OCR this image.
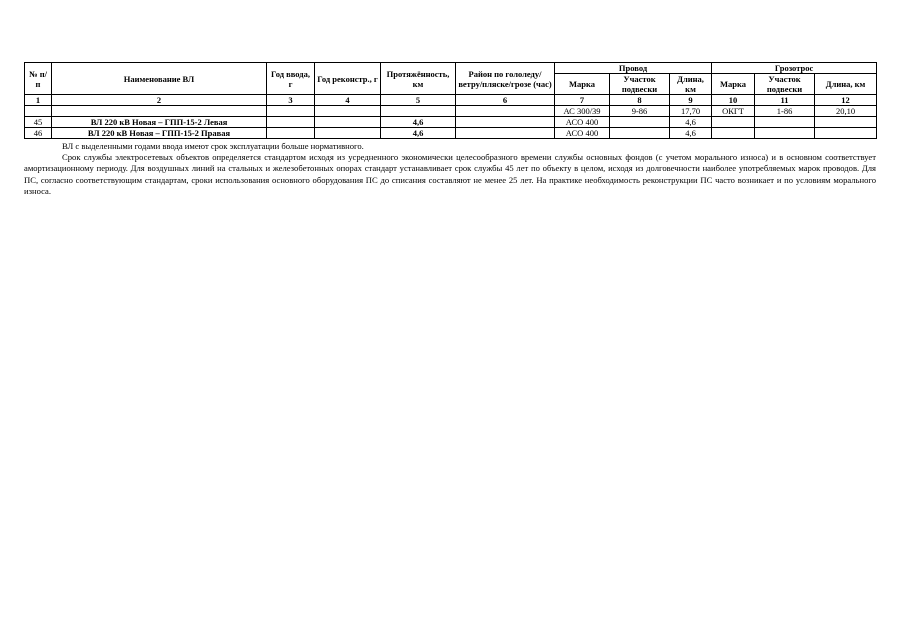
№ п/п	Наименование ВЛ	Год ввода, г	Год реконстр., г	Протяжённость, км	Район по гололеду/ветру/пляске/грозе (час)	Провод			Грозотрос		
						Марка	Участок подвески	Длина, км	Марка	Участок подвески	Длина, км
1	2	3	4	5	6	7	8	9	10	11	12
						АС 300/39	9-86	17,70	ОКГТ	1-86	20,10
45	ВЛ 220 кВ Новая – ГПП-15-2 Левая			4,6		АСО 400		4,6			
46	ВЛ 220 кВ Новая – ГПП-15-2 Правая			4,6		АСО 400		4,6			

ВЛ с выделенными годами ввода имеют срок эксплуатации больше нормативного.

Срок службы электросетевых объектов определяется стандартом исходя из усредненного экономически целесообразного времени службы основных фондов (с учетом морального износа) и в основном соответствует амортизационному периоду. Для воздушных линий на стальных и железобетонных опорах стандарт устанавливает срок службы 45 лет по объекту в целом, исходя из долговечности наиболее употребляемых марок проводов. Для ПС, согласно соответствующим стандартам, сроки использования основного оборудования ПС до списания составляют не менее 25 лет. На практике необходимость реконструкции ПС часто возникает и по условиям морального износа.
